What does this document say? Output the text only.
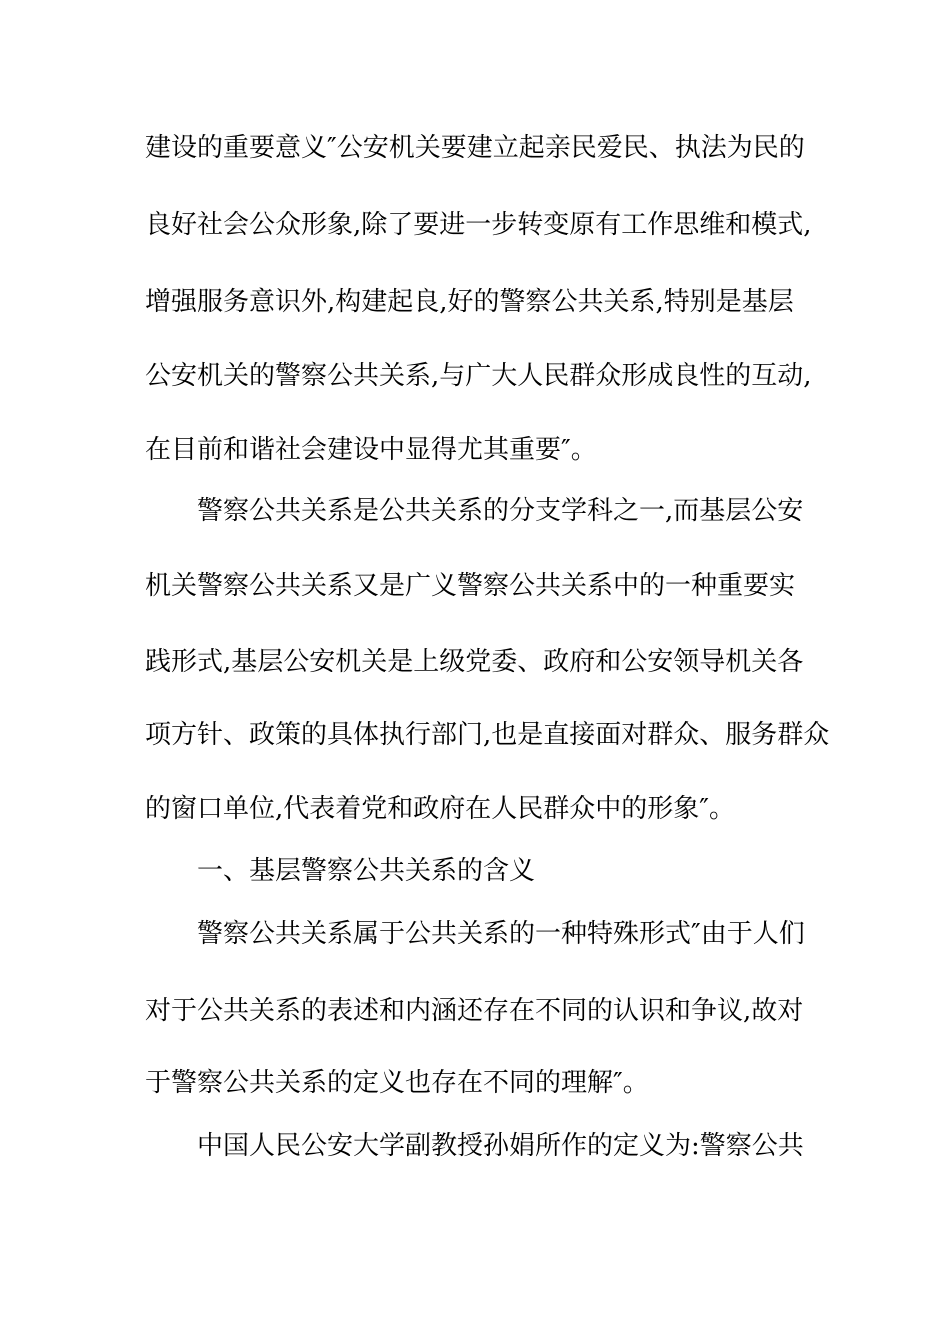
建设的重要意义″公安机关要建立起亲民爱民、执法为民的
良好社会公众形象,除了要进一步转变原有工作思维和模式,
增强服务意识外,构建起良,好的警察公共关系,特别是基层
公安机关的警察公共关系,与广大人民群众形成良性的互动,
在目前和谐社会建设中显得尤其重要″。
警察公共关系是公共关系的分支学科之一,而基层公安
机关警察公共关系又是广义警察公共关系中的一种重要实
践形式,基层公安机关是上级党委、政府和公安领导机关各
项方针、政策的具体执行部门,也是直接面对群众、服务群众
的窗口单位,代表着党和政府在人民群众中的形象″。
一、基层警察公共关系的含义
警察公共关系属于公共关系的一种特殊形式″由于人们
对于公共关系的表述和内涵还存在不同的认识和争议,故对
于警察公共关系的定义也存在不同的理解″。
中国人民公安大学副教授孙娟所作的定义为:警察公共
